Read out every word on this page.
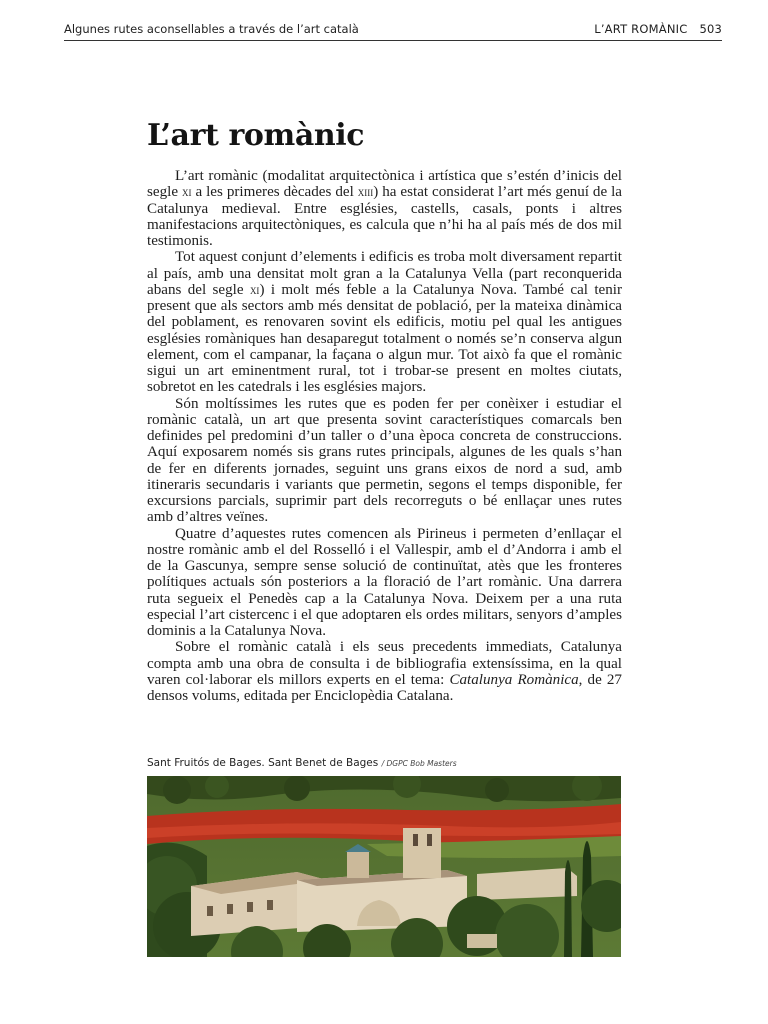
Algunes rutes aconsellables a través de l’art català	L’ART ROMÀNIC 503
L’art romànic

L’art romànic (modalitat arquitectònica i artística que s’estén d’inicis del segle xi a les primeres dècades del xiii) ha estat considerat l’art més genuí de la Catalunya medieval. Entre esglésies, castells, casals, ponts i altres manifestacions arquitectòniques, es calcula que n’hi ha al país més de dos mil testimonis.

Tot aquest conjunt d’elements i edificis es troba molt diversament repartit al país, amb una densitat molt gran a la Catalunya Vella (part reconquerida abans del segle xi) i molt més feble a la Catalunya Nova. També cal tenir present que als sectors amb més densitat de població, per la mateixa dinàmica del poblament, es renovaren sovint els edificis, motiu pel qual les antigues esglésies romàniques han desaparegut totalment o només se’n conserva algun element, com el campanar, la façana o algun mur. Tot això fa que el romànic sigui un art eminentment rural, tot i trobar-se present en moltes ciutats, sobretot en les catedrals i les esglésies majors.

Són moltíssimes les rutes que es poden fer per conèixer i estudiar el romànic català, un art que presenta sovint característiques comarcals ben definides pel predomini d’un taller o d’una època concreta de construccions. Aquí exposarem només sis grans rutes principals, algunes de les quals s’han de fer en diferents jornades, seguint uns grans eixos de nord a sud, amb itineraris secundaris i variants que permetin, segons el temps disponible, fer excursions parcials, suprimir part dels recorreguts o bé enllaçar unes rutes amb d’altres veïnes.

Quatre d’aquestes rutes comencen als Pirineus i permeten d’enllaçar el nostre romànic amb el del Rosselló i el Vallespir, amb el d’Andorra i amb el de la Gascunya, sempre sense solució de continuïtat, atès que les fronteres polítiques actuals són posteriors a la floració de l’art romànic. Una darrera ruta segueix el Penedès cap a la Catalunya Nova. Deixem per a una ruta especial l’art cistercenc i el que adoptaren els ordes militars, senyors d’amples dominis a la Catalunya Nova.

Sobre el romànic català i els seus precedents immediats, Catalunya compta amb una obra de consulta i de bibliografia extensíssima, en la qual varen col·laborar els millors experts en el tema: Catalunya Romànica, de 27 densos volums, editada per Enciclopèdia Catalana.

Sant Fruitós de Bages. Sant Benet de Bages / DGPC Bob Masters
